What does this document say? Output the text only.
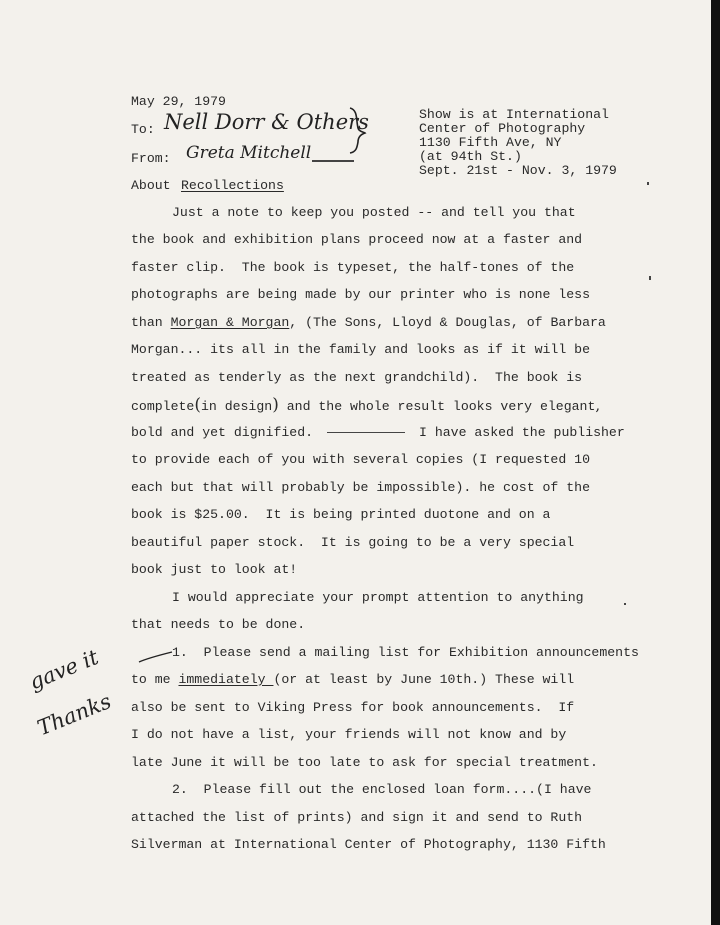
May 29, 1979
To: Nell Dorr & Others
From: Greta Mitchell
About Recollections
Show is at International
Center of Photography
1130 Fifth Ave, NY
(at 94th St.)
Sept. 21st - Nov. 3, 1979
Just a note to keep you posted -- and tell you that
the book and exhibition plans proceed now at a faster and
faster clip.  The book is typeset, the half-tones of the
photographs are being made by our printer who is none less
than Morgan & Morgan, (The Sons, Lloyd & Douglas, of Barbara
Morgan... its all in the family and looks as if it will be
treated as tenderly as the next grandchild).  The book is
complete(in design) and the whole result looks very elegant,
bold and yet dignified.	I have asked the publisher
to provide each of you with several copies (I requested 10
each but that will probably be impossible). he cost of the
book is $25.00.  It is being printed duotone and on a
beautiful paper stock.  It is going to be a very special
book just to look at!
I would appreciate your prompt attention to anything
that needs to be done.
1.  Please send a mailing list for Exhibition announcements
to me immediately (or at least by June 10th.) These will
also be sent to Viking Press for book announcements.  If
I do not have a list, your friends will not know and by
late June it will be too late to ask for special treatment.
2.  Please fill out the enclosed loan form....(I have
attached the list of prints) and sign it and send to Ruth
Silverman at International Center of Photography, 1130 Fifth
gave it
Thanks
